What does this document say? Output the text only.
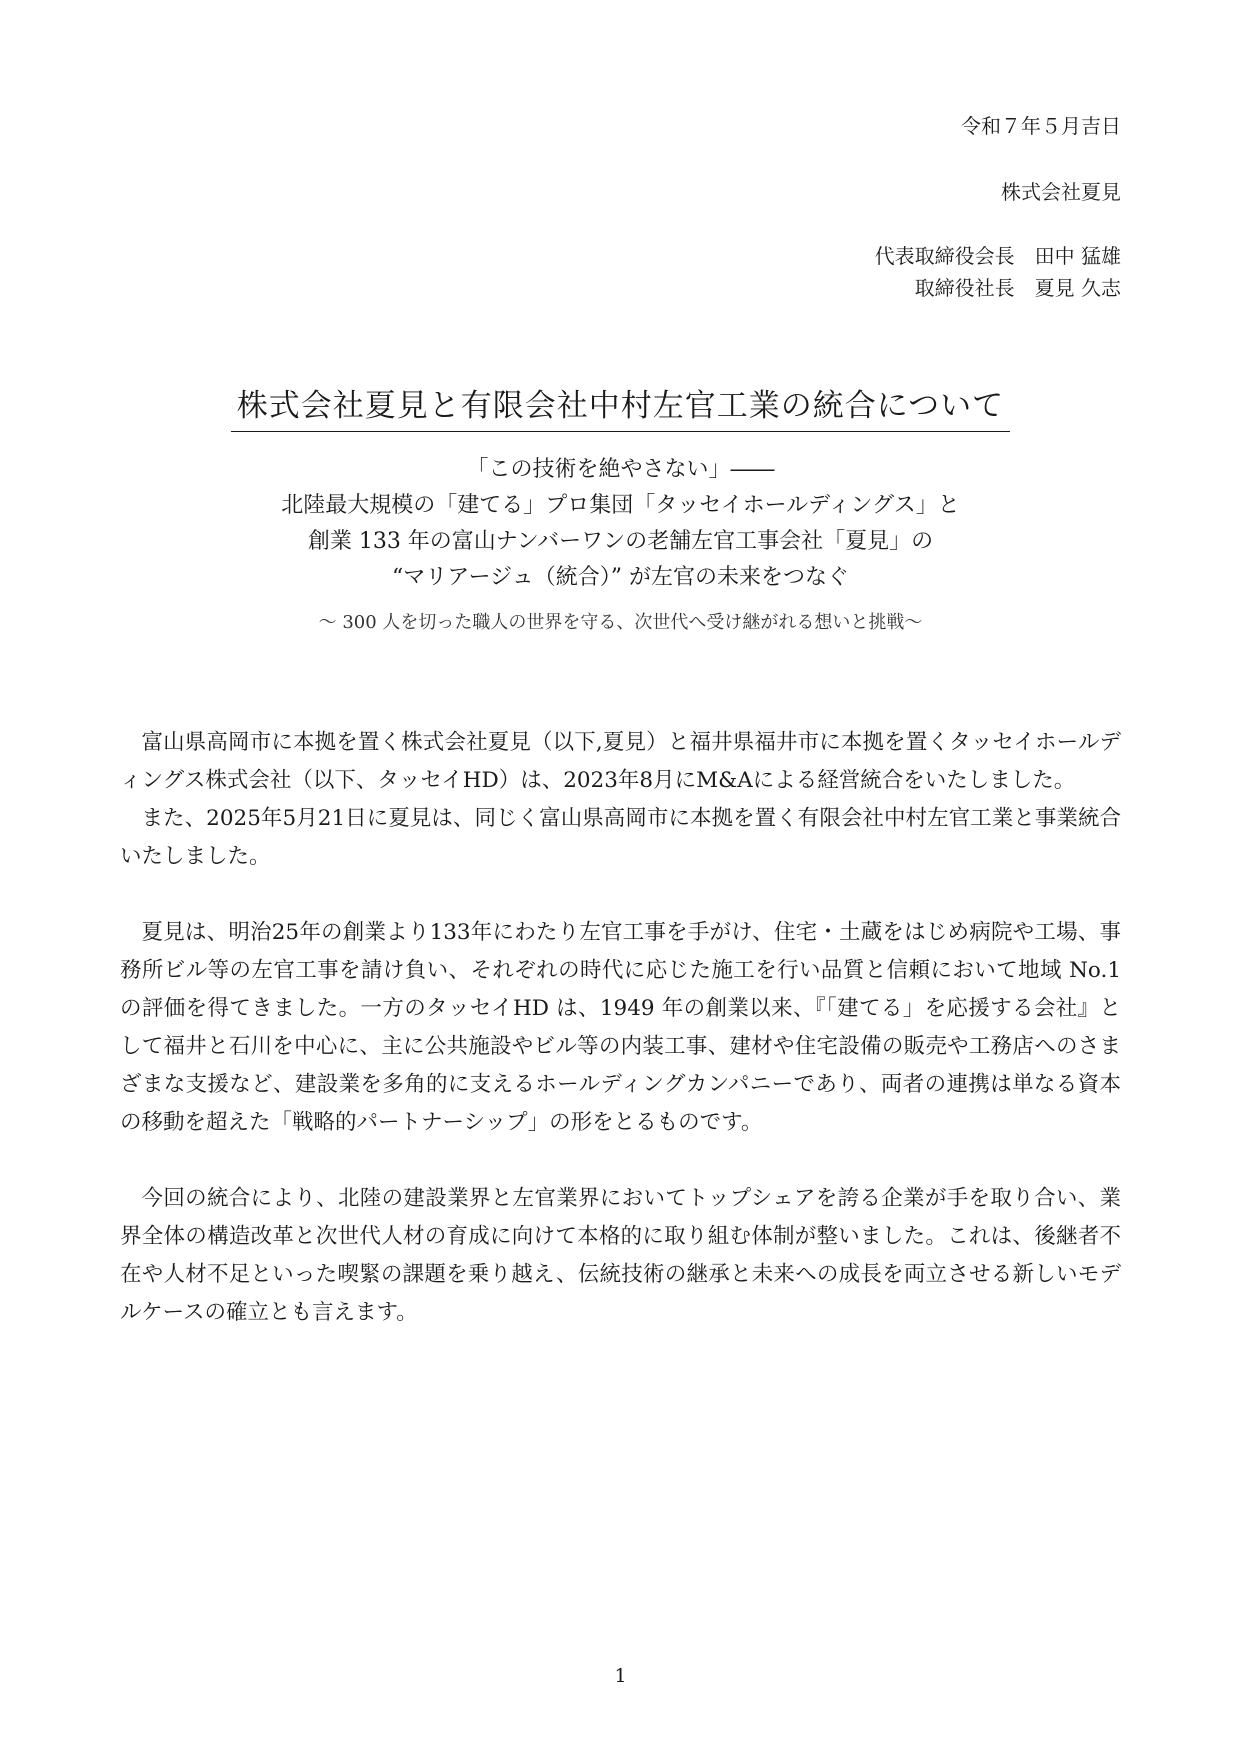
令和７年５月吉日
株式会社夏見
代表取締役会長　田中 猛雄
取締役社長　夏見 久志
株式会社夏見と有限会社中村左官工業の統合について
「この技術を絶やさない」――
北陸最大規模の「建てる」プロ集団「タッセイホールディングス」と
創業 133 年の富山ナンバーワンの老舗左官工事会社「夏見」の
“マリアージュ（統合）” が左官の未来をつなぐ
～ 300 人を切った職人の世界を守る、次世代へ受け継がれる想いと挑戦～

富山県高岡市に本拠を置く株式会社夏見（以下,夏見）と福井県福井市に本拠を置くタッセイホールディングス株式会社（以下、タッセイHD）は、2023年8月にM&Aによる経営統合をいたしました。

また、2025年5月21日に夏見は、同じく富山県高岡市に本拠を置く有限会社中村左官工業と事業統合いたしました。

夏見は、明治25年の創業より133年にわたり左官工事を手がけ、住宅・土蔵をはじめ病院や工場、事務所ビル等の左官工事を請け負い、それぞれの時代に応じた施工を行い品質と信頼において地域 No.1 の評価を得てきました。一方のタッセイHD は、1949 年の創業以来、『「建てる」を応援する会社』として福井と石川を中心に、主に公共施設やビル等の内装工事、建材や住宅設備の販売や工務店へのさまざまな支援など、建設業を多角的に支えるホールディングカンパニーであり、両者の連携は単なる資本の移動を超えた「戦略的パートナーシップ」の形をとるものです。

今回の統合により、北陸の建設業界と左官業界においてトップシェアを誇る企業が手を取り合い、業界全体の構造改革と次世代人材の育成に向けて本格的に取り組む体制が整いました。これは、後継者不在や人材不足といった喫緊の課題を乗り越え、伝統技術の継承と未来への成長を両立させる新しいモデルケースの確立とも言えます。

1
